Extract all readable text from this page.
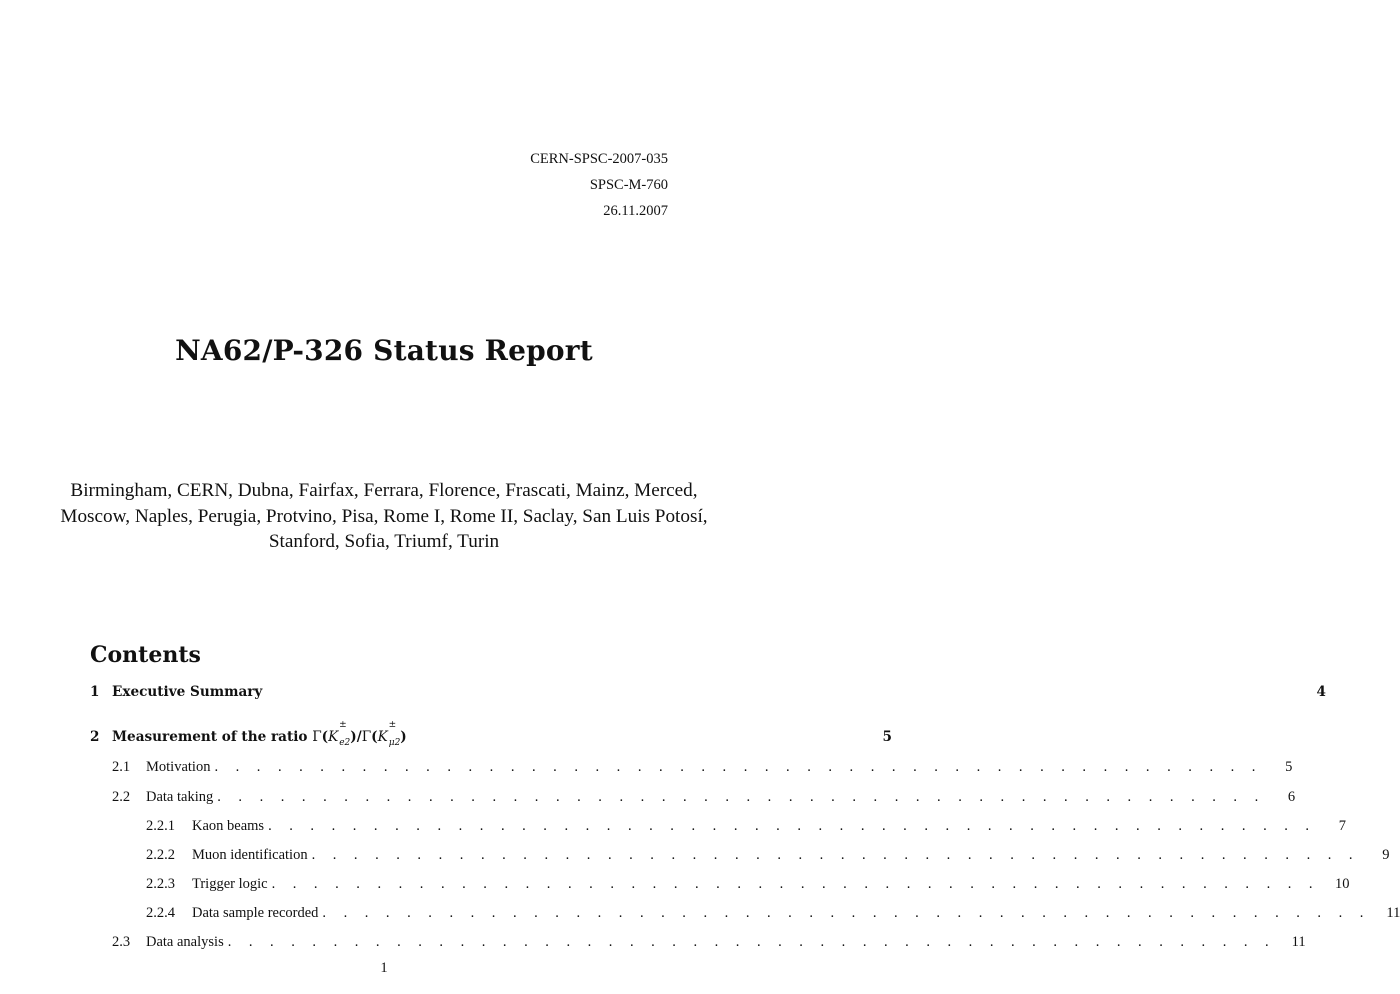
CERN-SPSC-2007-035
SPSC-M-760
26.11.2007
NA62/P-326 Status Report
Birmingham, CERN, Dubna, Fairfax, Ferrara, Florence, Frascati, Mainz, Merced, Moscow, Naples, Perugia, Protvino, Pisa, Rome I, Rome II, Saclay, San Luis Potosí, Stanford, Sofia, Triumf, Turin
Contents
1 Executive Summary	4
2 Measurement of the ratio Γ(K
±
$_{e2}$)/Γ(K
±
$_{\mu 2}$)	5
2.1	Motivation . . . . . . . . . . . . . . . . . . . . . . . . . . . . . . . . . . . . . . . . . . . . . . . . . .	5
2.2	Data taking . . . . . . . . . . . . . . . . . . . . . . . . . . . . . . . . . . . . . . . . . . . . . . . . . .	6
2.2.1	Kaon beams . . . . . . . . . . . . . . . . . . . . . . . . . . . . . . . . . . . . . . . . . . . . . . . . . .	7
2.2.2	Muon identification . . . . . . . . . . . . . . . . . . . . . . . . . . . . . . . . . . . . . . . . . . . . . . . . . .	9
2.2.3	Trigger logic . . . . . . . . . . . . . . . . . . . . . . . . . . . . . . . . . . . . . . . . . . . . . . . . . .	10
2.2.4	Data sample recorded . . . . . . . . . . . . . . . . . . . . . . . . . . . . . . . . . . . . . . . . . . . . . . . . . .	11
2.3	Data analysis . . . . . . . . . . . . . . . . . . . . . . . . . . . . . . . . . . . . . . . . . . . . . . . . . .	11
1
